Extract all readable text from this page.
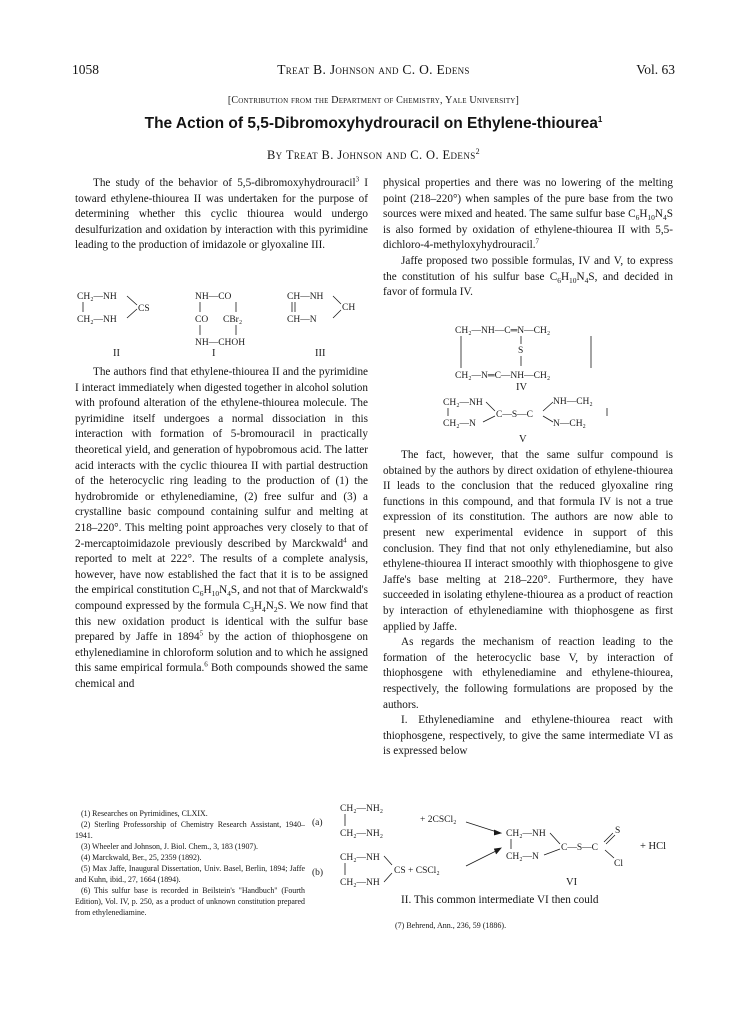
1058	Treat B. Johnson and C. O. Edens	Vol. 63
[Contribution from the Department of Chemistry, Yale University]
The Action of 5,5-Dibromoxyhydrouracil on Ethylene-thiourea$^1$
By Treat B. Johnson and C. O. Edens$^2$

The study of the behavior of 5,5-dibromoxyhydrouracil$^3$ I toward ethylene-thiourea II was undertaken for the purpose of determining whether this cyclic thiourea would undergo desulfurization and oxidation by interaction with this pyrimidine leading to the production of imidazole or glyoxaline III.

CH₂—NH
CH₂—NH
CS
II
NH—CO
CO CBr₂
NH—CHOH
I
CH—NH
CH—N
CH
III

The authors find that ethylene-thiourea II and the pyrimidine I interact immediately when digested together in alcohol solution with profound alteration of the ethylene-thiourea molecule. The pyrimidine itself undergoes a normal dissociation in this interaction with formation of 5-bromouracil in practically theoretical yield, and generation of hypobromous acid. The latter acid interacts with the cyclic thiourea II with partial destruction of the heterocyclic ring leading to the production of (1) the hydrobromide or ethylenediamine, (2) free sulfur and (3) a crystalline basic compound containing sulfur and melting at 218–220°. This melting point approaches very closely to that of 2-mercaptoimidazole previously described by Marckwald$^4$ and reported to melt at 222°. The results of a complete analysis, however, have now established the fact that it is to be assigned the empirical constitution $C_6H_{10}N_4S$, and not that of Marckwald's compound expressed by the formula $C_3H_4N_2S$. We now find that this new oxidation product is identical with the sulfur base prepared by Jaffe in 1894$^5$ by the action of thiophosgene on ethylenediamine in chloroform solution and to which he assigned this same empirical formula.$^6$ Both compounds showed the same chemical and

(1) Researches on Pyrimidines, CLXIX.
(2) Sterling Professorship of Chemistry Research Assistant, 1940–1941.
(3) Wheeler and Johnson, J. Biol. Chem., 3, 183 (1907).
(4) Marckwald, Ber., 25, 2359 (1892).
(5) Max Jaffe, Inaugural Dissertation, Univ. Basel, Berlin, 1894; Jaffe and Kuhn, ibid., 27, 1664 (1894).
(6) This sulfur base is recorded in Beilstein's "Handbuch" (Fourth Edition), Vol. IV, p. 250, as a product of unknown constitution prepared from ethylenediamine.

physical properties and there was no lowering of the melting point (218–220°) when samples of the pure base from the two sources were mixed and heated. The same sulfur base $C_6H_{10}N_4S$ is also formed by oxidation of ethylene-thiourea II with 5,5-dichloro-4-methyloxyhydrouracil.$^7$

Jaffe proposed two possible formulas, IV and V, to express the constitution of his sulfur base $C_6H_{10}N_4S$, and decided in favor of formula IV.

CH₂—NH—C═N—CH₂
S
CH₂—N═C—NH—CH₂
IV
CH₂—NH
CH₂—N
C—S—C
NH—CH₂
N—CH₂
V

The fact, however, that the same sulfur compound is obtained by the authors by direct oxidation of ethylene-thiourea II leads to the conclusion that the reduced glyoxaline ring functions in this compound, and that formula IV is not a true expression of its constitution. The authors are now able to present new experimental evidence in support of this conclusion. They find that not only ethylenediamine, but also ethylene-thiourea II interact smoothly with thiophosgene to give Jaffe's base melting at 218–220°. Furthermore, they have succeeded in isolating ethylene-thiourea as a product of reaction by interaction of ethylenediamine with thiophosgene as first applied by Jaffe.

As regards the mechanism of reaction leading to the formation of the heterocyclic base V, by interaction of thiophosgene with ethylenediamine and ethylene-thiourea, respectively, the following formulations are proposed by the authors.

I. Ethylenediamine and ethylene-thiourea react with thiophosgene, respectively, to give the same intermediate VI as is expressed below

(a)
CH₂—NH₂
CH₂—NH₂
+ 2CSCl₂
(b)
CH₂—NH
CH₂—NH
CS + CSCl₂
CH₂—NH
CH₂—N
C—S—C
S
Cl
+ HCl
VI

II. This common intermediate VI then could

(7) Behrend, Ann., 236, 59 (1886).
